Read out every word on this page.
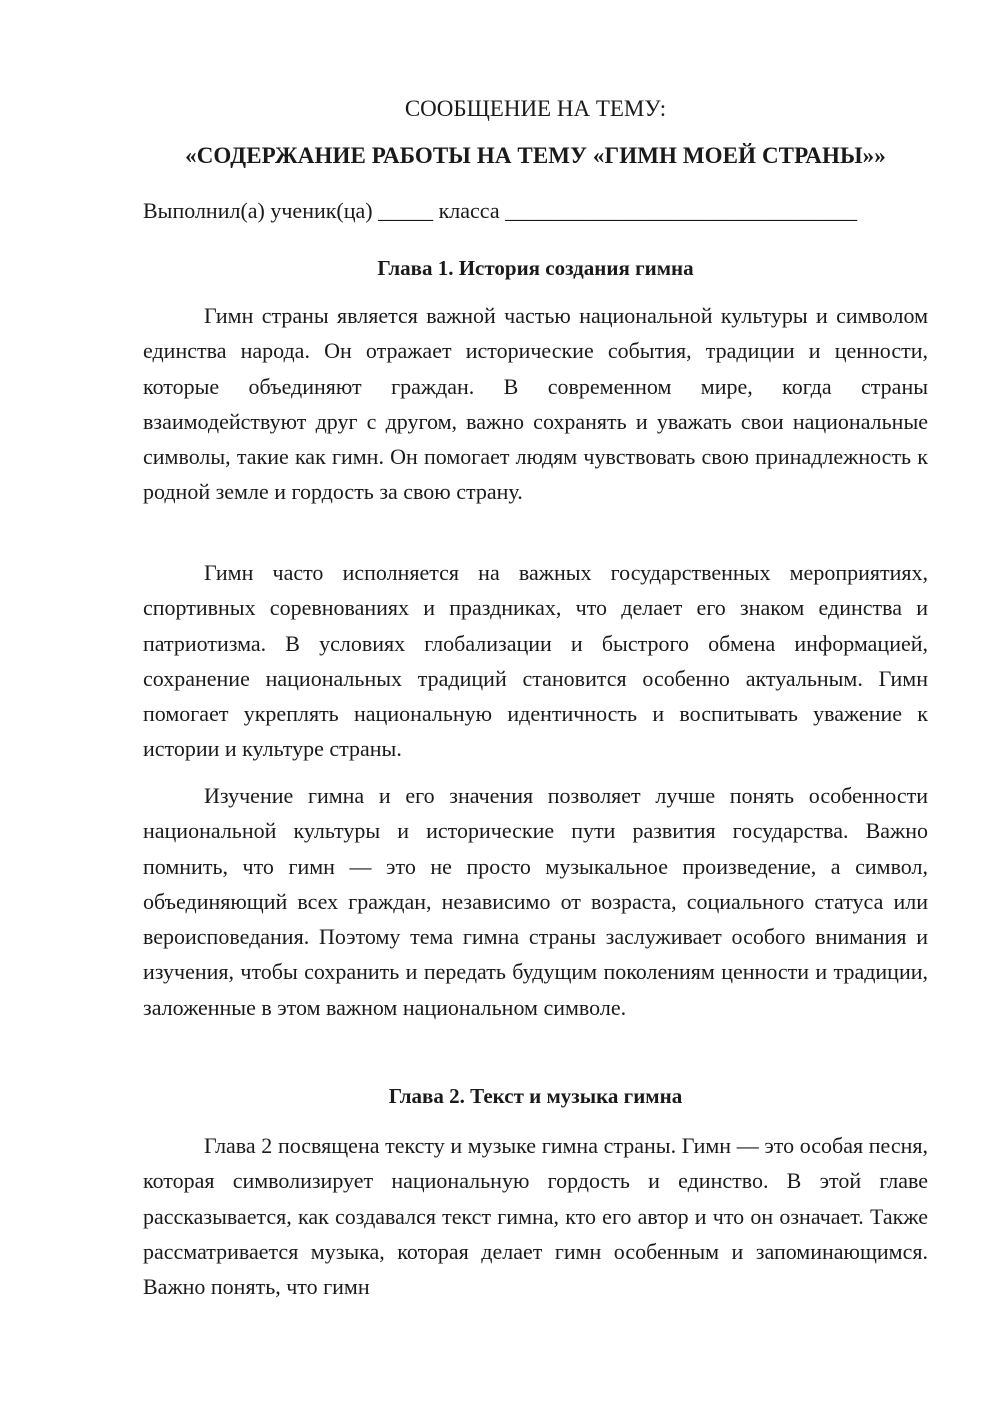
СООБЩЕНИЕ НА ТЕМУ:
«СОДЕРЖАНИЕ РАБОТЫ НА ТЕМУ «ГИМН МОЕЙ СТРАНЫ»»
Выполнил(а) ученик(ца) _____ класса ________________________________
Глава 1. История создания гимна

Гимн страны является важной частью национальной культуры и символом единства народа. Он отражает исторические события, традиции и ценности, которые объединяют граждан. В современном мире, когда страны взаимодействуют друг с другом, важно сохранять и уважать свои национальные символы, такие как гимн. Он помогает людям чувствовать свою принадлежность к родной земле и гордость за свою страну.

Гимн часто исполняется на важных государственных мероприятиях, спортивных соревнованиях и праздниках, что делает его знаком единства и патриотизма. В условиях глобализации и быстрого обмена информацией, сохранение национальных традиций становится особенно актуальным. Гимн помогает укреплять национальную идентичность и воспитывать уважение к истории и культуре страны.

Изучение гимна и его значения позволяет лучше понять особенности национальной культуры и исторические пути развития государства. Важно помнить, что гимн — это не просто музыкальное произведение, а символ, объединяющий всех граждан, независимо от возраста, социального статуса или вероисповедания. Поэтому тема гимна страны заслуживает особого внимания и изучения, чтобы сохранить и передать будущим поколениям ценности и традиции, заложенные в этом важном национальном символе.

Глава 2. Текст и музыка гимна

Глава 2 посвящена тексту и музыке гимна страны. Гимн — это особая песня, которая символизирует национальную гордость и единство. В этой главе рассказывается, как создавался текст гимна, кто его автор и что он означает. Также рассматривается музыка, которая делает гимн особенным и запоминающимся. Важно понять, что гимн
